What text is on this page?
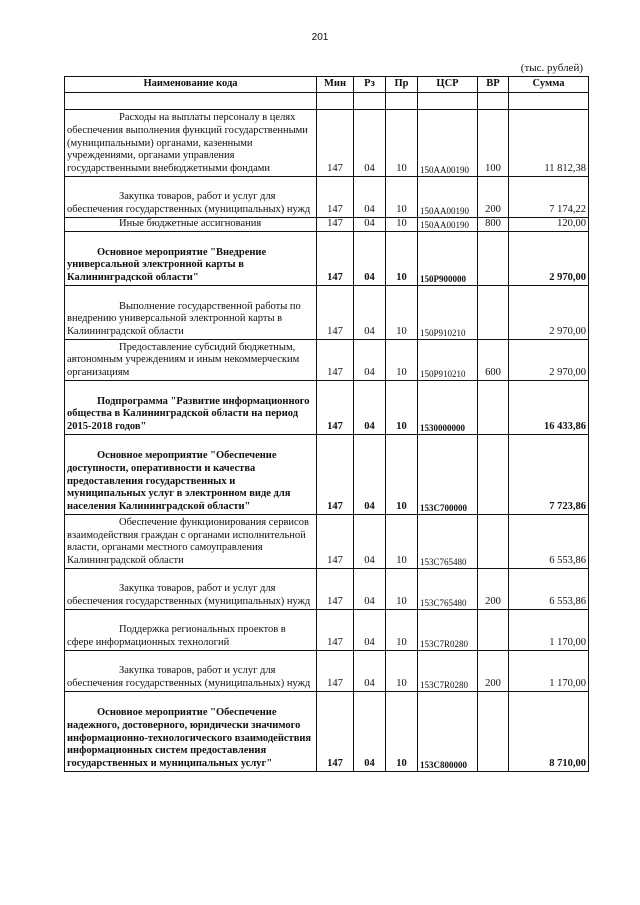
201
(тыс. рублей)
Наименование кода	Мин	Рз	Пр	ЦСР	ВР	Сумма

Расходы на выплаты персоналу в целях обеспечения выполнения функций государственными (муниципальными) органами, казенными учреждениями, органами управления государственными внебюджетными фондами	147	04	10	150АА00190	100	11 812,38
Закупка товаров, работ и услуг для обеспечения государственных (муниципальных) нужд	147	04	10	150АА00190	200	7 174,22
Иные бюджетные ассигнования	147	04	10	150АА00190	800	120,00
Основное мероприятие "Внедрение универсальной электронной карты в Калининградской области"	147	04	10	150Р900000		2 970,00
Выполнение государственной работы по внедрению универсальной электронной карты в Калининградской области	147	04	10	150Р910210		2 970,00
Предоставление субсидий бюджетным, автономным учреждениям и иным некоммерческим организациям	147	04	10	150Р910210	600	2 970,00
Подпрограмма "Развитие информационного общества в Калининградской области на период 2015-2018 годов"	147	04	10	1530000000		16 433,86
Основное мероприятие "Обеспечение доступности, оперативности и качества предоставления государственных и муниципальных услуг в электронном виде для населения Калининградской области"	147	04	10	153С700000		7 723,86
Обеспечение функционирования сервисов взаимодействия граждан с органами исполнительной власти, органами местного самоуправления Калининградской области	147	04	10	153С765480		6 553,86
Закупка товаров, работ и услуг для обеспечения государственных (муниципальных) нужд	147	04	10	153С765480	200	6 553,86
Поддержка региональных проектов в сфере информационных технологий	147	04	10	153С7R0280		1 170,00
Закупка товаров, работ и услуг для обеспечения государственных (муниципальных) нужд	147	04	10	153С7R0280	200	1 170,00
Основное мероприятие "Обеспечение надежного, достоверного, юридически значимого информационно-технологического взаимодействия информационных систем предоставления государственных и муниципальных услуг"	147	04	10	153С800000		8 710,00
